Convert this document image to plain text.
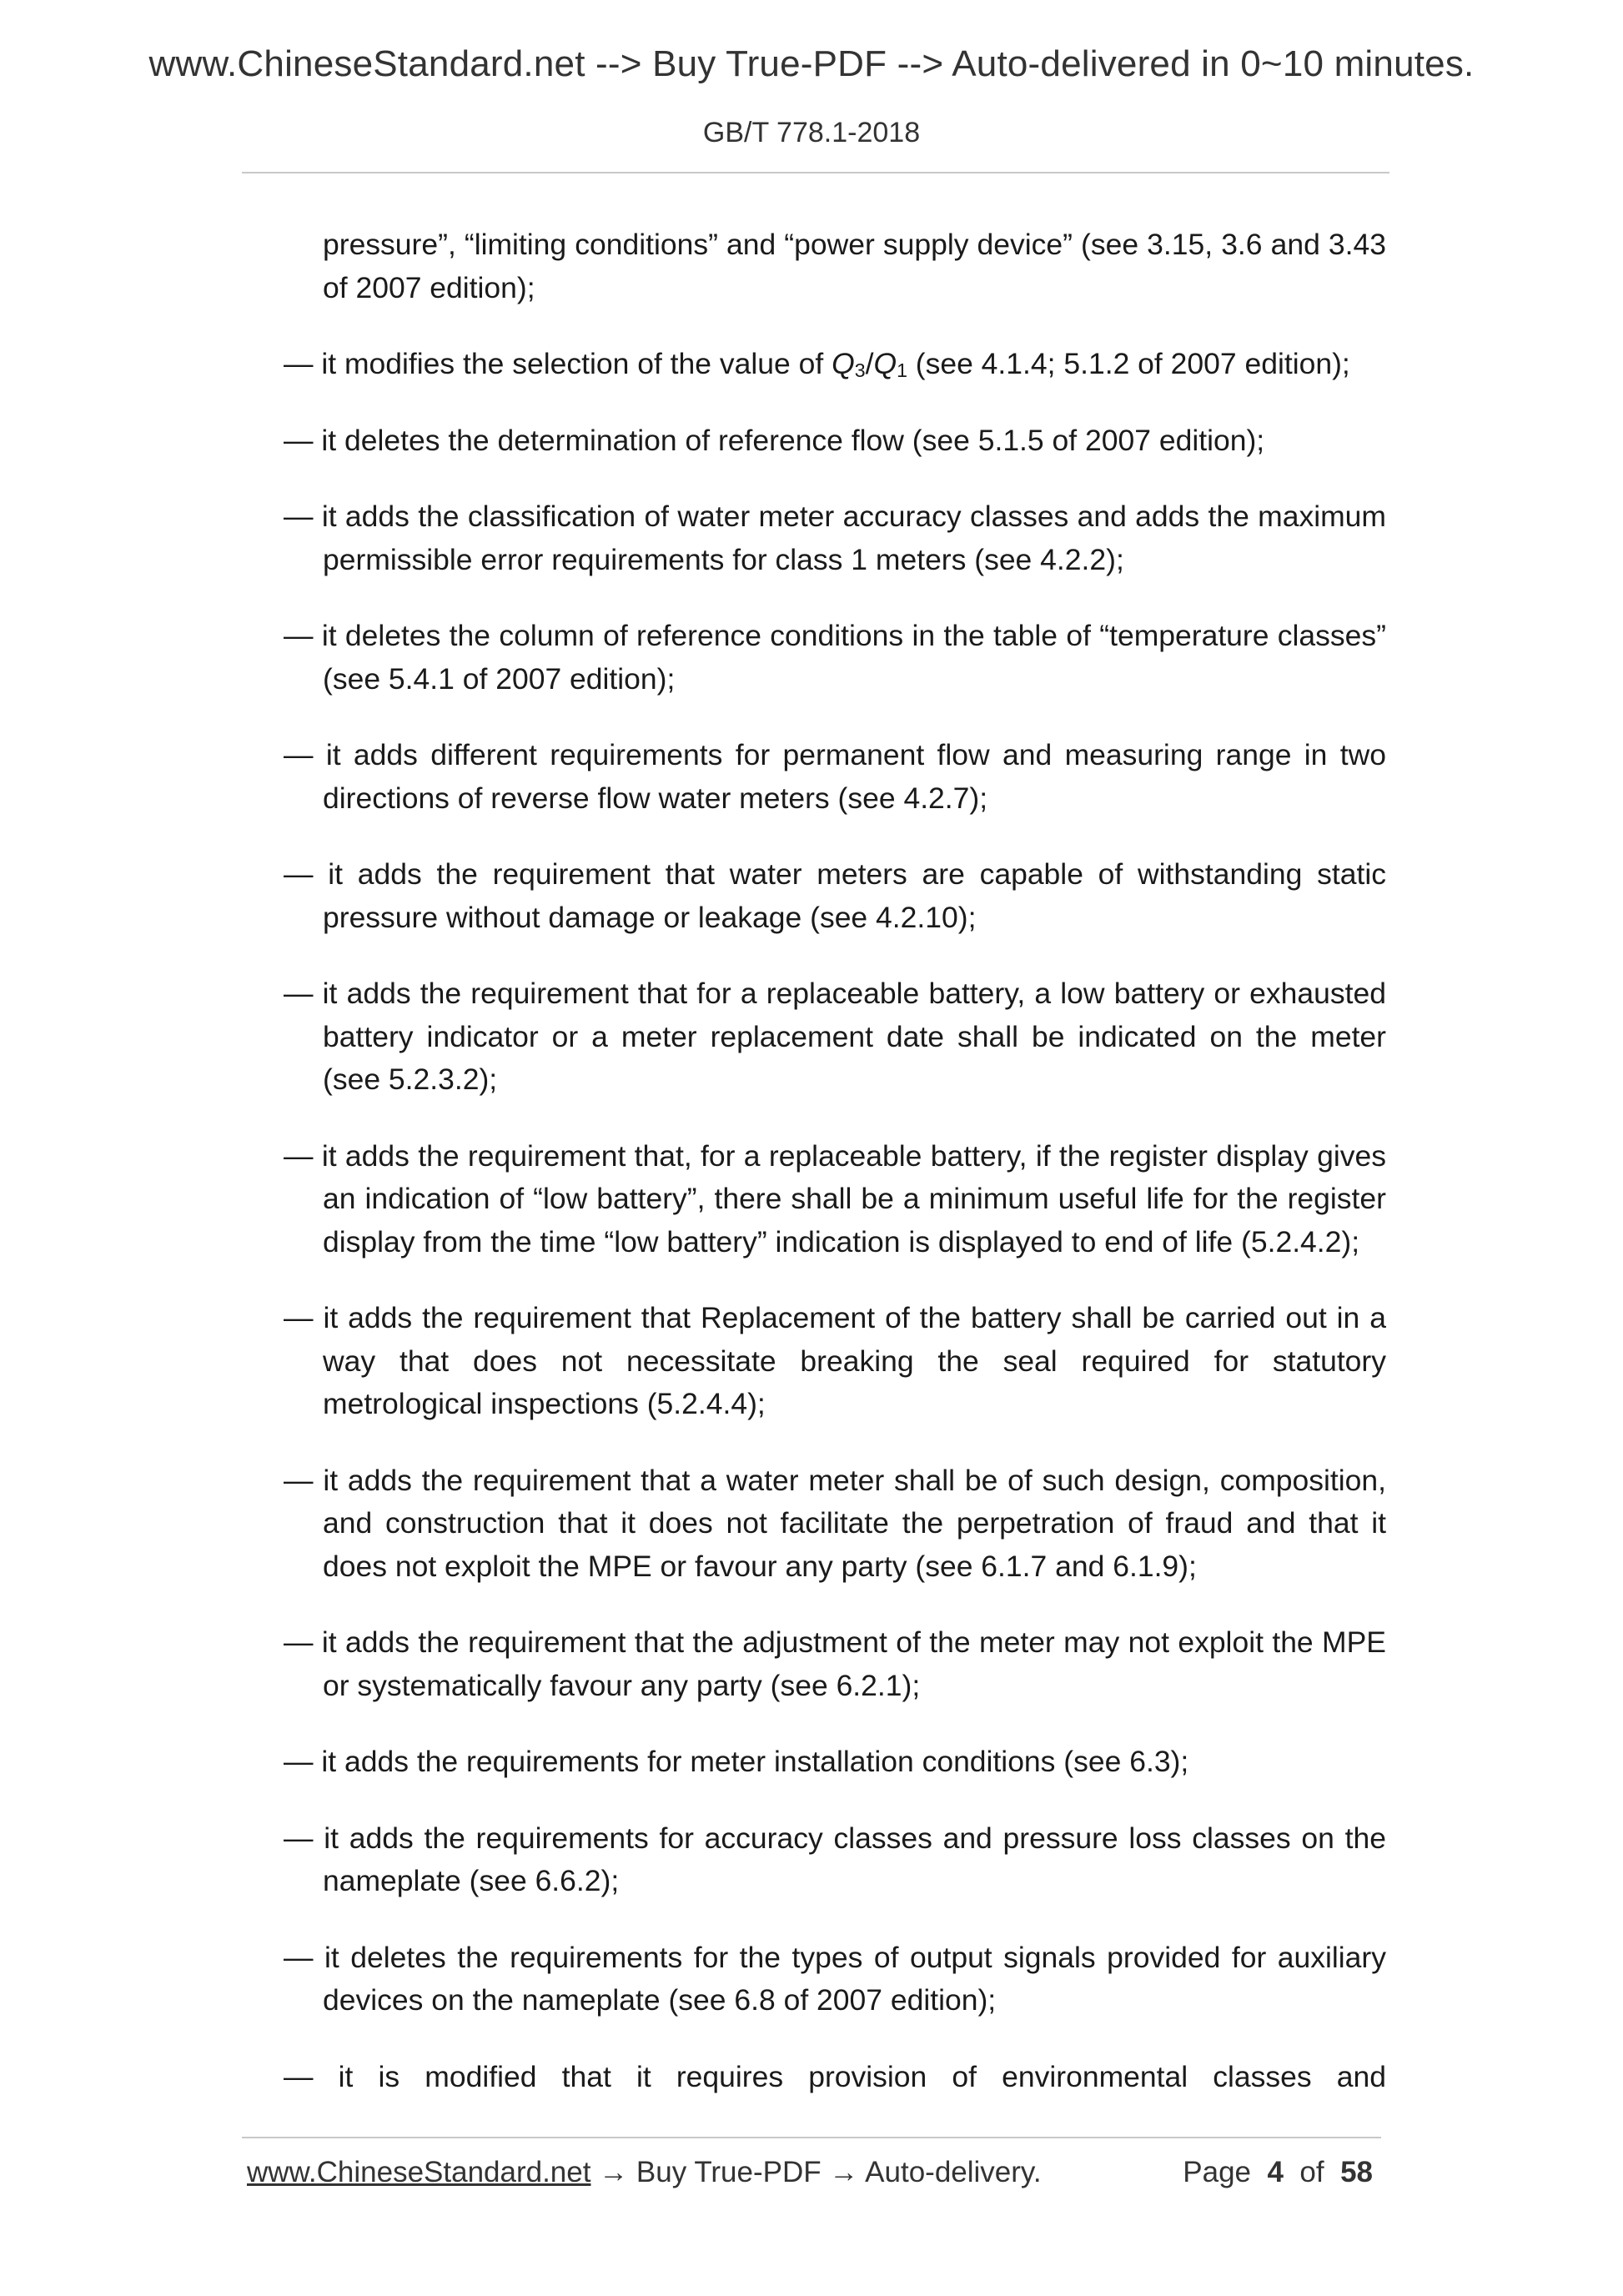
www.ChineseStandard.net --> Buy True-PDF --> Auto-delivered in 0~10 minutes.
GB/T 778.1-2018

pressure”, “limiting conditions” and “power supply device” (see 3.15, 3.6 and 3.43 of 2007 edition);

— it modifies the selection of the value of $Q_3/Q_1$ (see 4.1.4; 5.1.2 of 2007 edition);

— it deletes the determination of reference flow (see 5.1.5 of 2007 edition);

— it adds the classification of water meter accuracy classes and adds the maximum permissible error requirements for class 1 meters (see 4.2.2);

— it deletes the column of reference conditions in the table of “temperature classes” (see 5.4.1 of 2007 edition);

— it adds different requirements for permanent flow and measuring range in two directions of reverse flow water meters (see 4.2.7);

— it adds the requirement that water meters are capable of withstanding static pressure without damage or leakage (see 4.2.10);

— it adds the requirement that for a replaceable battery, a low battery or exhausted battery indicator or a meter replacement date shall be indicated on the meter (see 5.2.3.2);

— it adds the requirement that, for a replaceable battery, if the register display gives an indication of “low battery”, there shall be a minimum useful life for the register display from the time “low battery” indication is displayed to end of life (5.2.4.2);

— it adds the requirement that Replacement of the battery shall be carried out in a way that does not necessitate breaking the seal required for statutory metrological inspections (5.2.4.4);

— it adds the requirement that a water meter shall be of such design, composition, and construction that it does not facilitate the perpetration of fraud and that it does not exploit the MPE or favour any party (see 6.1.7 and 6.1.9);

— it adds the requirement that the adjustment of the meter may not exploit the MPE or systematically favour any party (see 6.2.1);

— it adds the requirements for meter installation conditions (see 6.3);

— it adds the requirements for accuracy classes and pressure loss classes on the nameplate (see 6.6.2);

— it deletes the requirements for the types of output signals provided for auxiliary devices on the nameplate (see 6.8 of 2007 edition);

— it is modified that it requires provision of environmental classes and

www.ChineseStandard.net → Buy True-PDF → Auto-delivery.	Page 4 of 58
